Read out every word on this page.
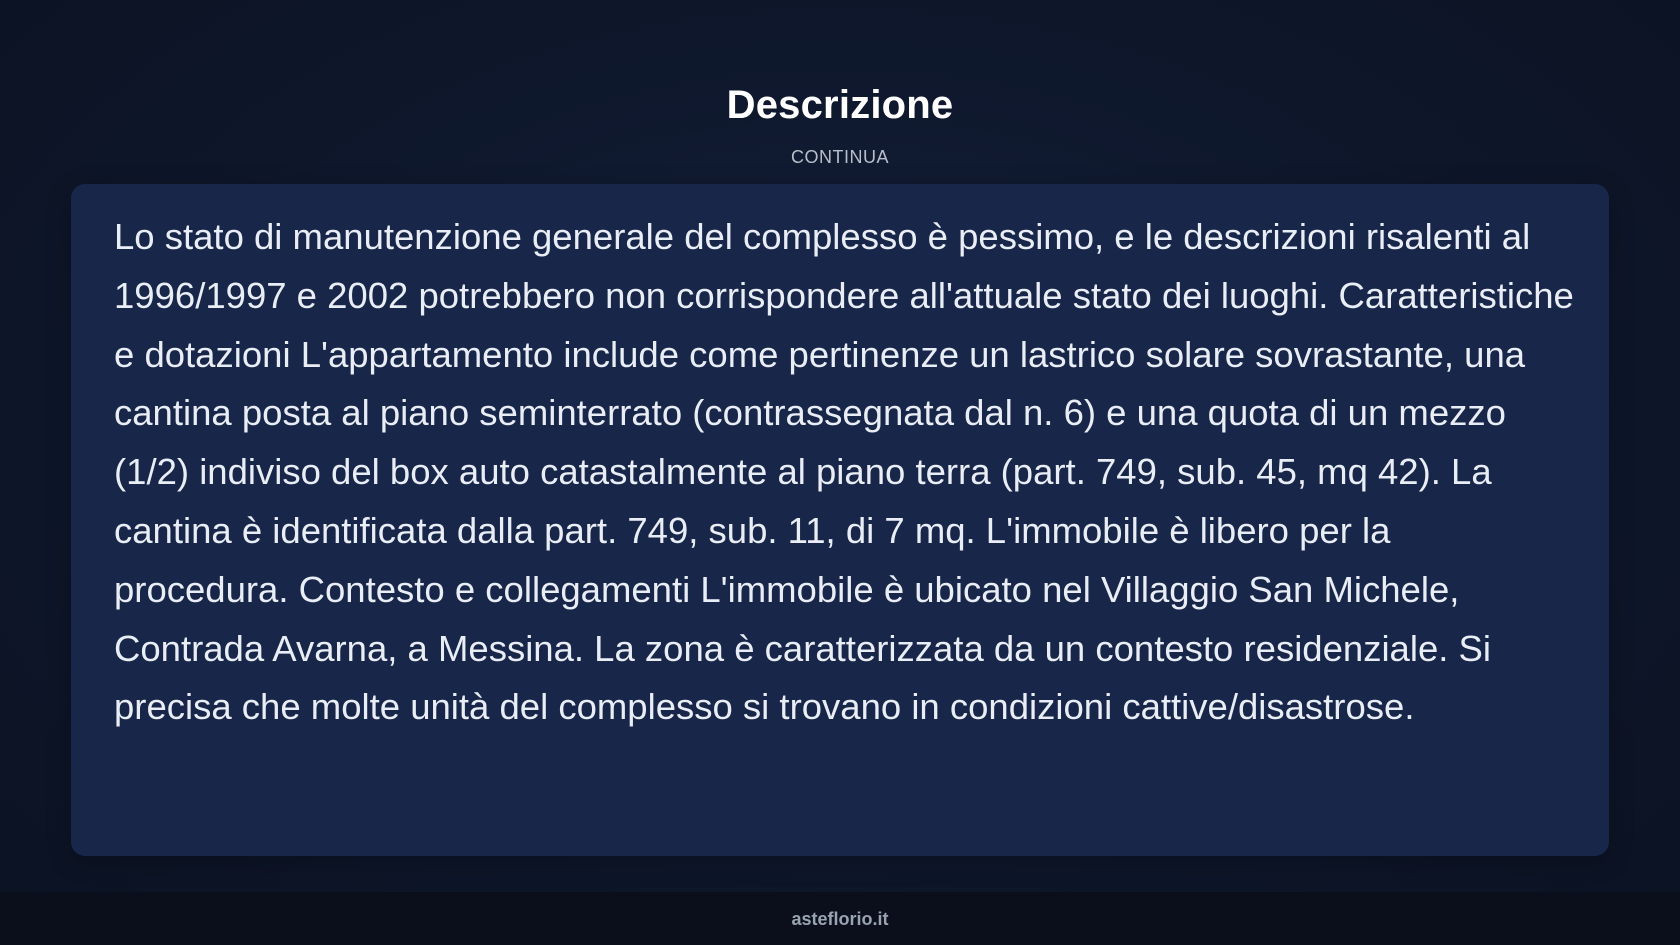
Descrizione
CONTINUA

Lo stato di manutenzione generale del complesso è pessimo, e le descrizioni risalenti al 1996/1997 e 2002 potrebbero non corrispondere all'attuale stato dei luoghi. Caratteristiche e dotazioni L'appartamento include come pertinenze un lastrico solare sovrastante, una cantina posta al piano seminterrato (contrassegnata dal n. 6) e una quota di un mezzo (1/2) indiviso del box auto catastalmente al piano terra (part. 749, sub. 45, mq 42). La cantina è identificata dalla part. 749, sub. 11, di 7 mq. L'immobile è libero per la procedura. Contesto e collegamenti L'immobile è ubicato nel Villaggio San Michele, Contrada Avarna, a Messina. La zona è caratterizzata da un contesto residenziale. Si precisa che molte unità del complesso si trovano in condizioni cattive/disastrose.

asteflorio.it
